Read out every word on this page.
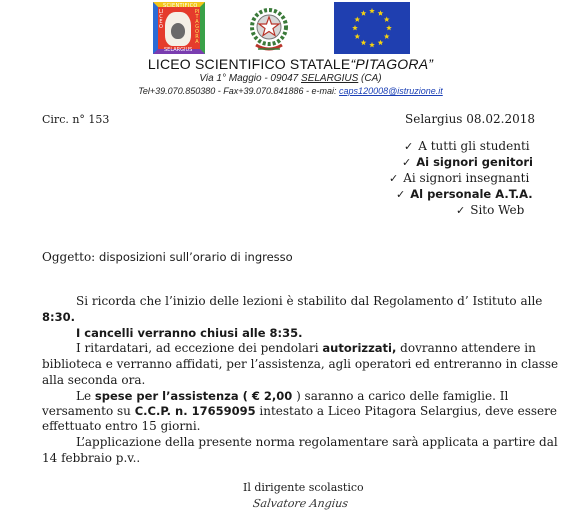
SCIENTIFICO
LICEO
PITAGORA
SELARGIUS
LICEO SCIENTIFICO STATALE“PITAGORA”
Via 1° Maggio - 09047 SELARGIUS (CA)
Tel+39.070.850380 - Fax+39.070.841886 - e-mai: caps120008@istruzione.it
Circ. n° 153	Selargius 08.02.2018
✓ A tutti gli studenti
✓ Ai signori genitori
✓ Ai signori insegnanti
✓ Al personale A.T.A.
✓ Sito Web
Oggetto: disposizioni sull’orario di ingresso
Si ricorda che l’inizio delle lezioni è stabilito dal Regolamento d’ Istituto alle
8:30.
I cancelli verranno chiusi alle 8:35.
I ritardatari, ad eccezione dei pendolari autorizzati, dovranno attendere in
biblioteca e verranno affidati, per l’assistenza, agli operatori ed entreranno in classe
alla seconda ora.
Le spese per l’assistenza ( € 2,00 ) saranno a carico delle famiglie. Il
versamento su C.C.P. n. 17659095 intestato a Liceo Pitagora Selargius, deve essere
effettuato entro 15 giorni.
L’applicazione della presente norma regolamentare sarà applicata a partire dal
14 febbraio p.v..
Il dirigente scolastico
Salvatore Angius
